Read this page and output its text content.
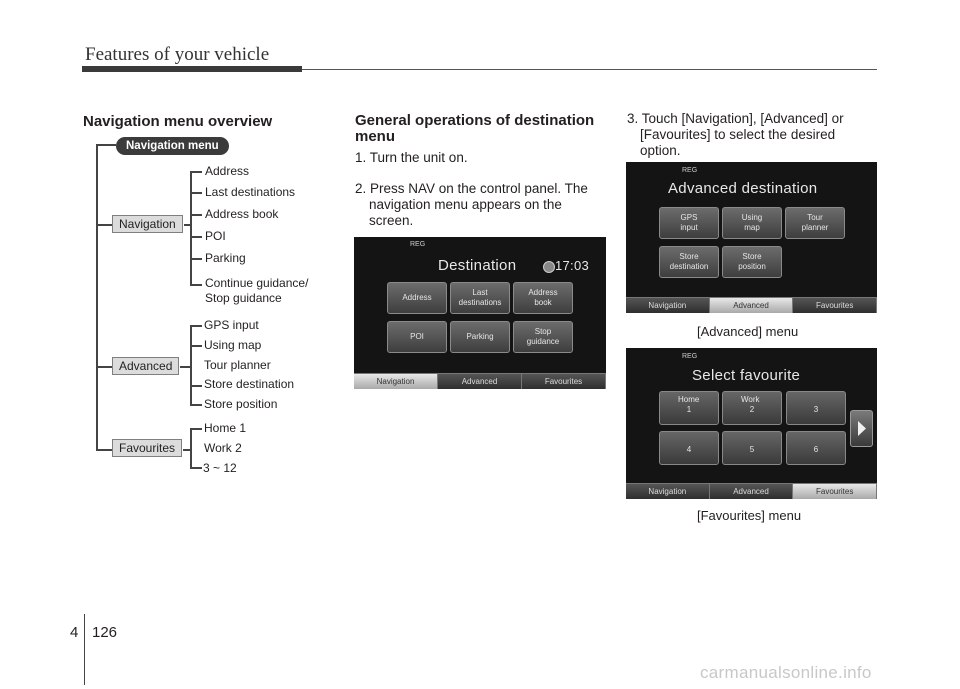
Features of your vehicle
Navigation menu overview
Navigation menu
Navigation
Advanced
Favourites
Address
Last destinations
Address book
POI
Parking
Continue guidance/
Stop guidance
GPS input
Using map
Tour planner
Store destination
Store position
Home 1
Work 2
3 ~ 12
General operations of destination
menu
1. Turn the unit on.
2. Press NAV on the control panel. The
navigation menu appears on the
screen.
REG
Destination	17:03
Address
Last
destinations
Address
book
POI	Parking
Stop
guidance
Navigation	Advanced	Favourites
3. Touch [Navigation], [Advanced] or
[Favourites] to select the desired
option.
REG
Advanced destination
GPS
input
Using
map
Tour
planner
Store
destination
Store
position
Navigation	Advanced	Favourites
[Advanced] menu
REG
Select favourite
Home
1
Work
2	3
4	5	6
Navigation	Advanced	Favourites
[Favourites] menu
4 126
carmanualsonline.info
